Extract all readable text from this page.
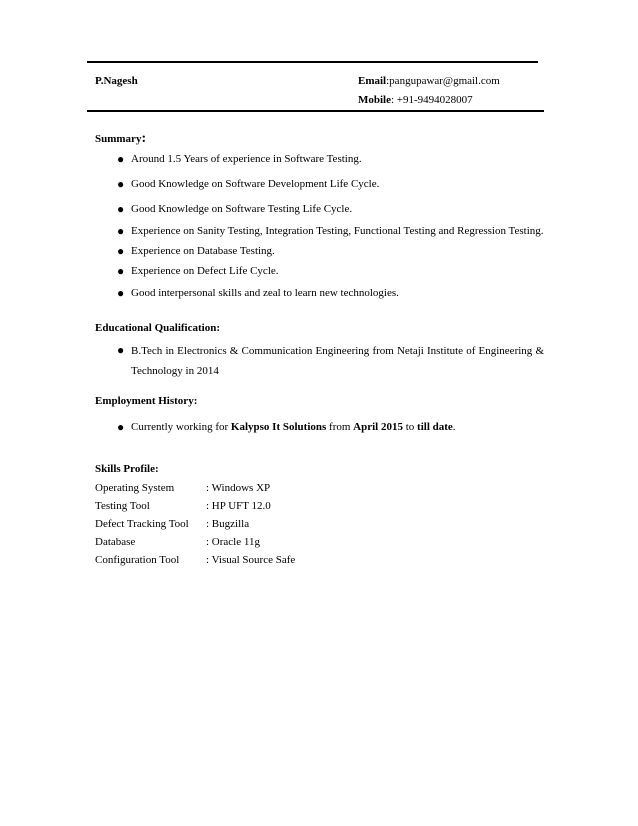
P.Nagesh	Email:pangupawar@gmail.com
Mobile: +91-9494028007
Summary:
● Around 1.5 Years of experience in Software Testing.
● Good Knowledge on Software Development Life Cycle.
● Good Knowledge on Software Testing Life Cycle.
● Experience on Sanity Testing, Integration Testing, Functional Testing and Regression Testing.
● Experience on Database Testing.
● Experience on Defect Life Cycle.
● Good interpersonal skills and zeal to learn new technologies.
Educational Qualification:
● B.Tech in Electronics & Communication Engineering from Netaji Institute of Engineering & Technology in 2014
Employment History:
● Currently working for Kalypso It Solutions from April 2015 to till date.
Skills Profile:
Operating System	: Windows XP
Testing Tool	: HP UFT 12.0
Defect Tracking Tool : Bugzilla
Database	: Oracle 11g
Configuration Tool : Visual Source Safe
